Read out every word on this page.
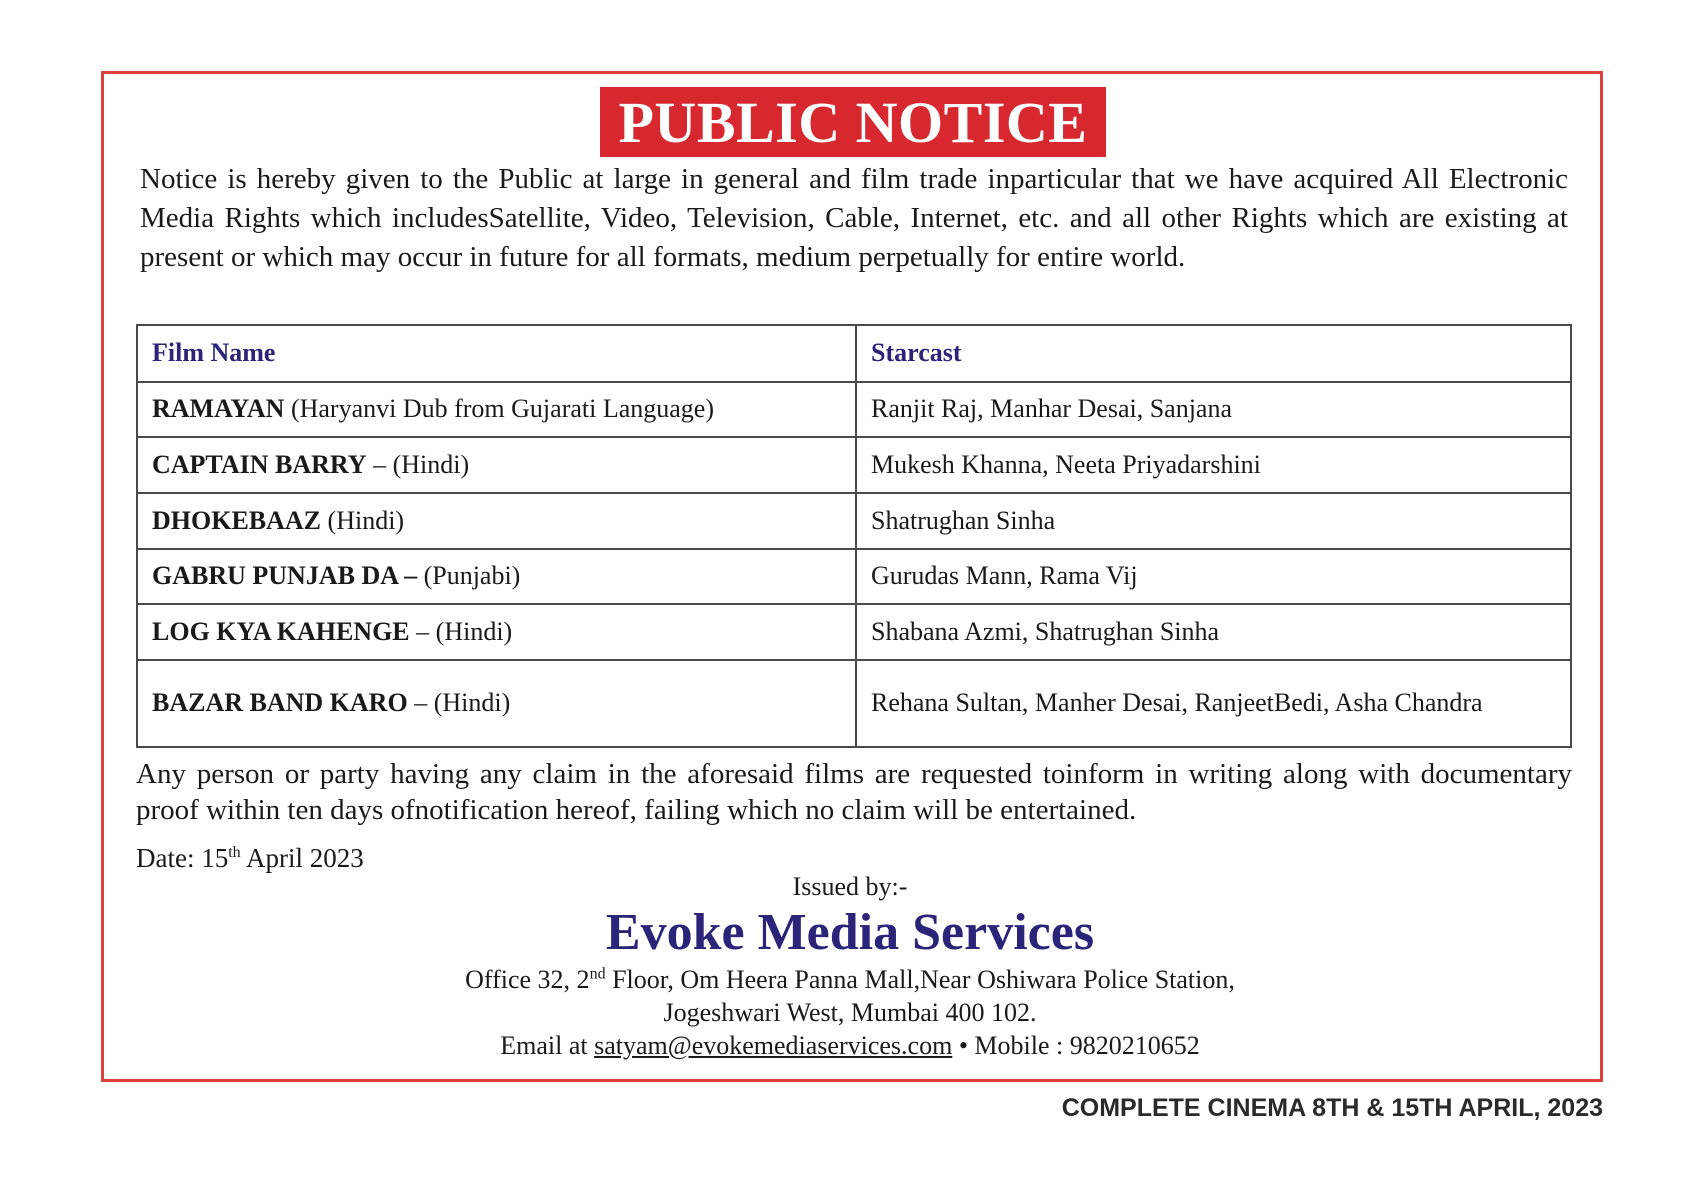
PUBLIC NOTICE
Notice is hereby given to the Public at large in general and film trade inparticular that we have acquired All Electronic Media Rights which includesSatellite, Video, Television, Cable, Internet, etc. and all other Rights which are existing at present or which may occur in future for all formats, medium perpetually for entire world.
Film Name	Starcast
RAMAYAN (Haryanvi Dub from Gujarati Language)	Ranjit Raj, Manhar Desai, Sanjana
CAPTAIN BARRY – (Hindi)	Mukesh Khanna, Neeta Priyadarshini
DHOKEBAAZ (Hindi)	Shatrughan Sinha
GABRU PUNJAB DA – (Punjabi)	Gurudas Mann, Rama Vij
LOG KYA KAHENGE – (Hindi)	Shabana Azmi, Shatrughan Sinha
BAZAR BAND KARO – (Hindi)	Rehana Sultan, Manher Desai, RanjeetBedi, Asha Chandra
Any person or party having any claim in the aforesaid films are requested toinform in writing along with documentary proof within ten days ofnotification hereof, failing which no claim will be entertained.
Date: 15th April 2023
Issued by:-
Evoke Media Services
Office 32, 2nd Floor, Om Heera Panna Mall,Near Oshiwara Police Station,
Jogeshwari West, Mumbai 400 102.
Email at satyam@evokemediaservices.com • Mobile : 9820210652
COMPLETE CINEMA 8TH & 15TH APRIL, 2023
